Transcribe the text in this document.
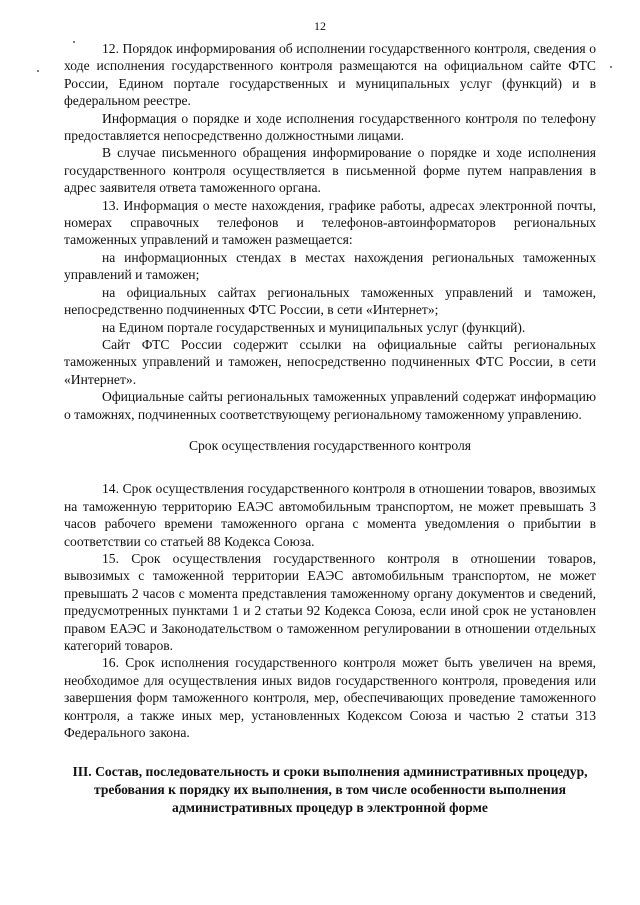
12

12. Порядок информирования об исполнении государственного контроля, сведения о ходе исполнения государственного контроля размещаются на официальном сайте ФТС России, Едином портале государственных и муниципальных услуг (функций) и в федеральном реестре.

Информация о порядке и ходе исполнения государственного контроля по телефону предоставляется непосредственно должностными лицами.

В случае письменного обращения информирование о порядке и ходе исполнения государственного контроля осуществляется в письменной форме путем направления в адрес заявителя ответа таможенного органа.

13. Информация о месте нахождения, графике работы, адресах электронной почты, номерах справочных телефонов и телефонов-автоинформаторов региональных таможенных управлений и таможен размещается:

на информационных стендах в местах нахождения региональных таможенных управлений и таможен;

на официальных сайтах региональных таможенных управлений и таможен, непосредственно подчиненных ФТС России, в сети «Интернет»;

на Едином портале государственных и муниципальных услуг (функций).

Сайт ФТС России содержит ссылки на официальные сайты региональных таможенных управлений и таможен, непосредственно подчиненных ФТС России, в сети «Интернет».

Официальные сайты региональных таможенных управлений содержат информацию о таможнях, подчиненных соответствующему региональному таможенному управлению.

Срок осуществления государственного контроля

14. Срок осуществления государственного контроля в отношении товаров, ввозимых на таможенную территорию ЕАЭС автомобильным транспортом, не может превышать 3 часов рабочего времени таможенного органа с момента уведомления о прибытии в соответствии со статьей 88 Кодекса Союза.

15. Срок осуществления государственного контроля в отношении товаров, вывозимых с таможенной территории ЕАЭС автомобильным транспортом, не может превышать 2 часов с момента представления таможенному органу документов и сведений, предусмотренных пунктами 1 и 2 статьи 92 Кодекса Союза, если иной срок не установлен правом ЕАЭС и Законодательством о таможенном регулировании в отношении отдельных категорий товаров.

16. Срок исполнения государственного контроля может быть увеличен на время, необходимое для осуществления иных видов государственного контроля, проведения или завершения форм таможенного контроля, мер, обеспечивающих проведение таможенного контроля, а также иных мер, установленных Кодексом Союза и частью 2 статьи 313 Федерального закона.

III. Состав, последовательность и сроки выполнения административных процедур, требования к порядку их выполнения, в том числе особенности выполнения административных процедур в электронной форме
